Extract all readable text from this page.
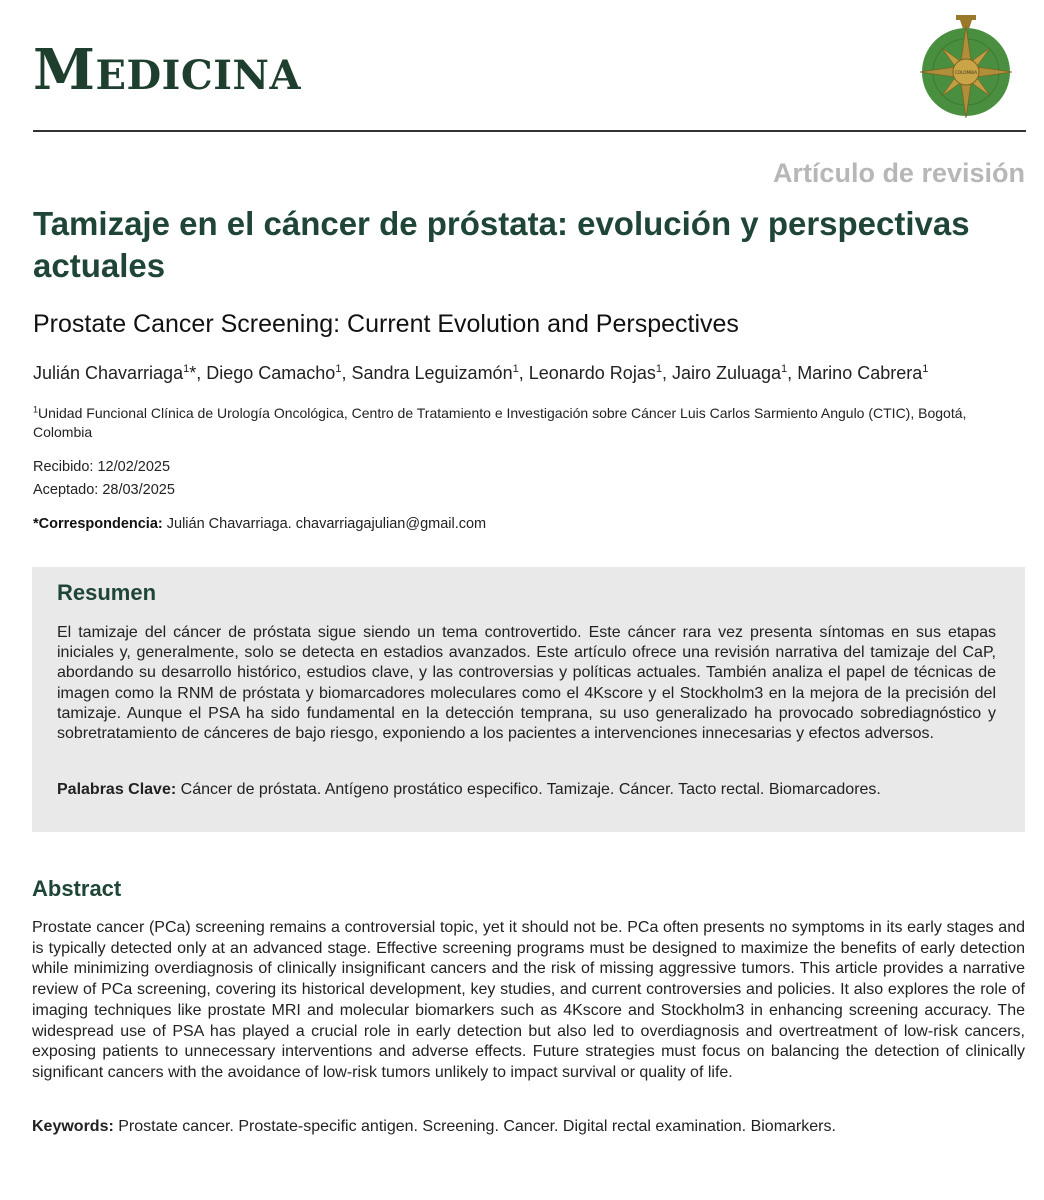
MEDICINA	COLOMBIA

Artículo de revisión

Tamizaje en el cáncer de próstata: evolución y perspectivas actuales
Prostate Cancer Screening: Current Evolution and Perspectives
Julián Chavarriaga$^1$*, Diego Camacho$^1$, Sandra Leguizamón$^1$, Leonardo Rojas$^1$, Jairo Zuluaga$^1$, Marino Cabrera$^1$
$^1$Unidad Funcional Clínica de Urología Oncológica, Centro de Tratamiento e Investigación sobre Cáncer Luis Carlos Sarmiento Angulo (CTIC), Bogotá, Colombia
Recibido: 12/02/2025
Aceptado: 28/03/2025
*Correspondencia: Julián Chavarriaga. chavarriagajulian@gmail.com
Resumen

El tamizaje del cáncer de próstata sigue siendo un tema controvertido. Este cáncer rara vez presenta síntomas en sus etapas iniciales y, generalmente, solo se detecta en estadios avanzados. Este artículo ofrece una revisión narrativa del tamizaje del CaP, abordando su desarrollo histórico, estudios clave, y las controversias y políticas actuales. También analiza el papel de técnicas de imagen como la RNM de próstata y biomarcadores moleculares como el 4Kscore y el Stockholm3 en la mejora de la precisión del tamizaje. Aunque el PSA ha sido fundamental en la detección temprana, su uso generalizado ha provocado sobrediagnóstico y sobretratamiento de cánceres de bajo riesgo, exponiendo a los pacientes a intervenciones innecesarias y efectos adversos.

Palabras Clave: Cáncer de próstata. Antígeno prostático especifico. Tamizaje. Cáncer. Tacto rectal. Biomarcadores.

Abstract

Prostate cancer (PCa) screening remains a controversial topic, yet it should not be. PCa often presents no symptoms in its early stages and is typically detected only at an advanced stage. Effective screening programs must be designed to maximize the benefits of early detection while minimizing overdiagnosis of clinically insignificant cancers and the risk of missing aggressive tumors. This article provides a narrative review of PCa screening, covering its historical development, key studies, and current controversies and policies. It also explores the role of imaging techniques like prostate MRI and molecular biomarkers such as 4Kscore and Stockholm3 in enhancing screening accuracy. The widespread use of PSA has played a crucial role in early detection but also led to overdiagnosis and overtreatment of low-risk cancers, exposing patients to unnecessary interventions and adverse effects. Future strategies must focus on balancing the detection of clinically significant cancers with the avoidance of low-risk tumors unlikely to impact survival or quality of life.

Keywords: Prostate cancer. Prostate-specific antigen. Screening. Cancer. Digital rectal examination. Biomarkers.
